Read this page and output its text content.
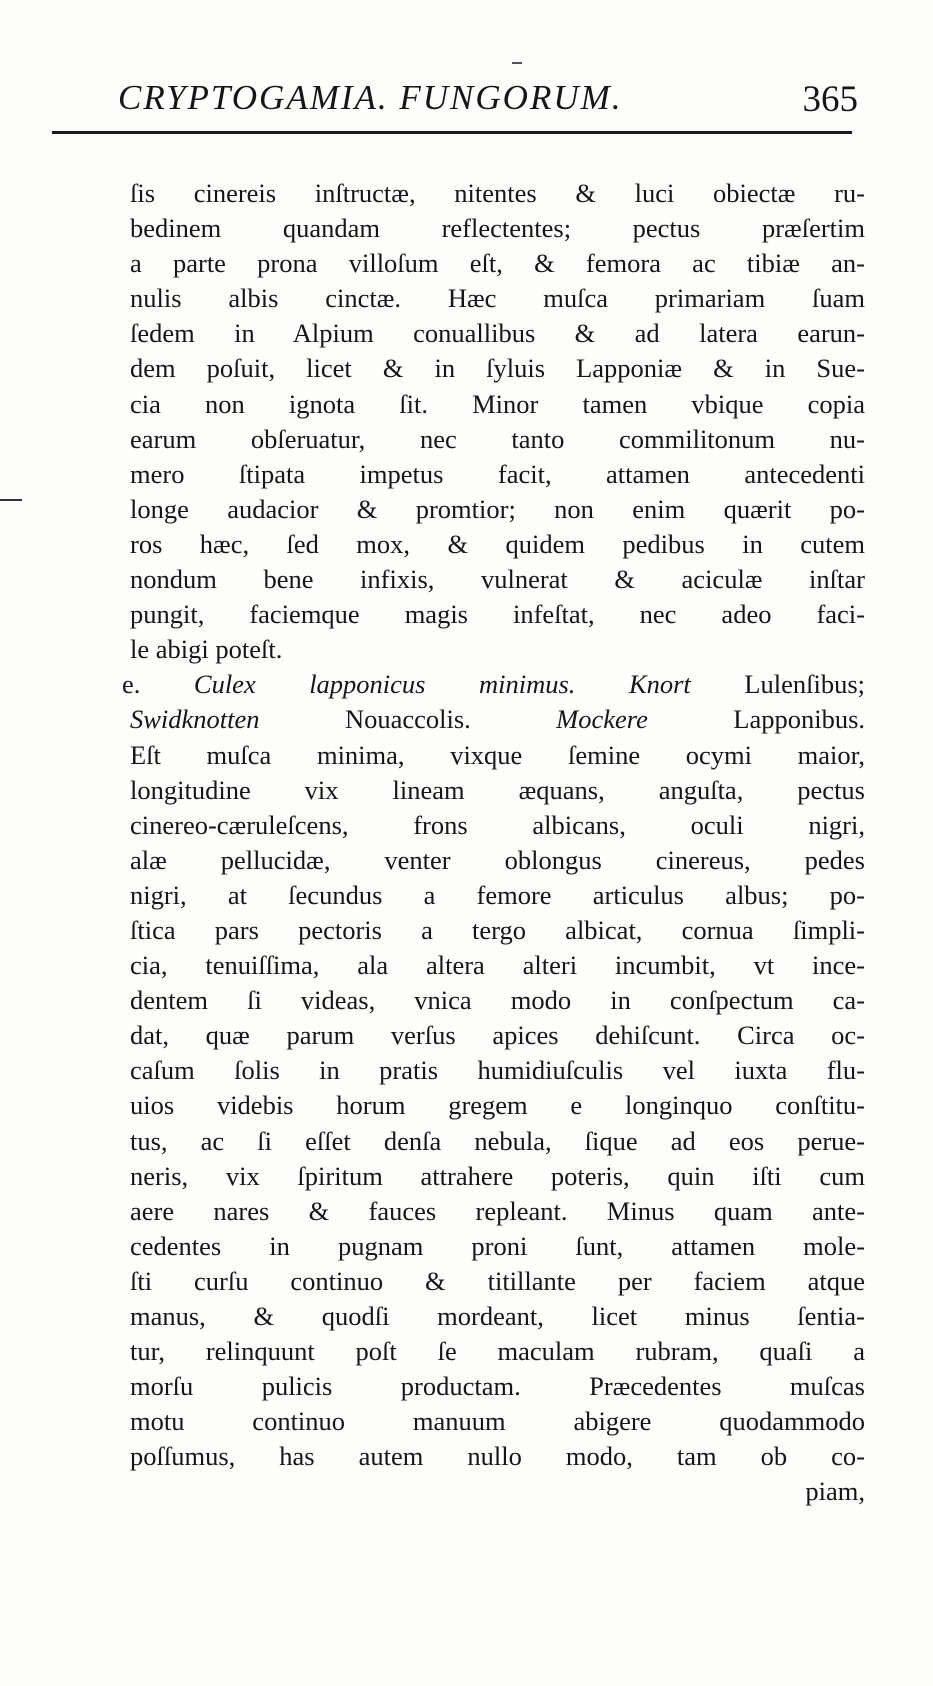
CRYPTOGAMIA. FUNGORUM.	365
ſis cinereis inſtructæ, nitentes & luci obiectæ ru-
bedinem quandam reflectentes; pectus præſertim
a parte prona villoſum eſt, & femora ac tibiæ an-
nulis albis cinctæ. Hæc muſca primariam ſuam
ſedem in Alpium conuallibus & ad latera earun-
dem poſuit, licet & in ſyluis Lapponiæ & in Sue-
cia non ignota ſit. Minor tamen vbique copia
earum obſeruatur, nec tanto commilitonum nu-
mero ſtipata impetus facit, attamen antecedenti
longe audacior & promtior; non enim quærit po-
ros hæc, ſed mox, & quidem pedibus in cutem
nondum bene infixis, vulnerat & aciculæ inſtar
pungit, faciemque magis infeſtat, nec adeo faci-
le abigi poteſt.
e. Culex lapponicus minimus. Knort Lulenſibus;
Swidknotten	Nouaccolis.	Mockere	Lapponibus.
Eſt muſca minima, vixque ſemine ocymi maior,
longitudine vix lineam æquans, anguſta, pectus
cinereo-cæruleſcens, frons albicans, oculi nigri,
alæ pellucidæ, venter oblongus cinereus, pedes
nigri, at ſecundus a femore articulus albus; po-
ſtica pars pectoris a tergo albicat, cornua ſimpli-
cia, tenuiſſima, ala altera alteri incumbit, vt ince-
dentem ſi videas, vnica modo in conſpectum ca-
dat, quæ parum verſus apices dehiſcunt. Circa oc-
caſum ſolis in pratis humidiuſculis vel iuxta flu-
uios videbis horum gregem e longinquo conſtitu-
tus, ac ſi eſſet denſa nebula, ſique ad eos perue-
neris, vix ſpiritum attrahere poteris, quin iſti cum
aere nares & fauces repleant. Minus quam ante-
cedentes in pugnam proni ſunt, attamen mole-
ſti curſu continuo & titillante per faciem atque
manus, & quodſi mordeant, licet minus ſentia-
tur, relinquunt poſt ſe maculam rubram, quaſi a
morſu pulicis productam. Præcedentes muſcas
motu continuo manuum abigere quodammodo
poſſumus, has autem nullo modo, tam ob co-
piam,
